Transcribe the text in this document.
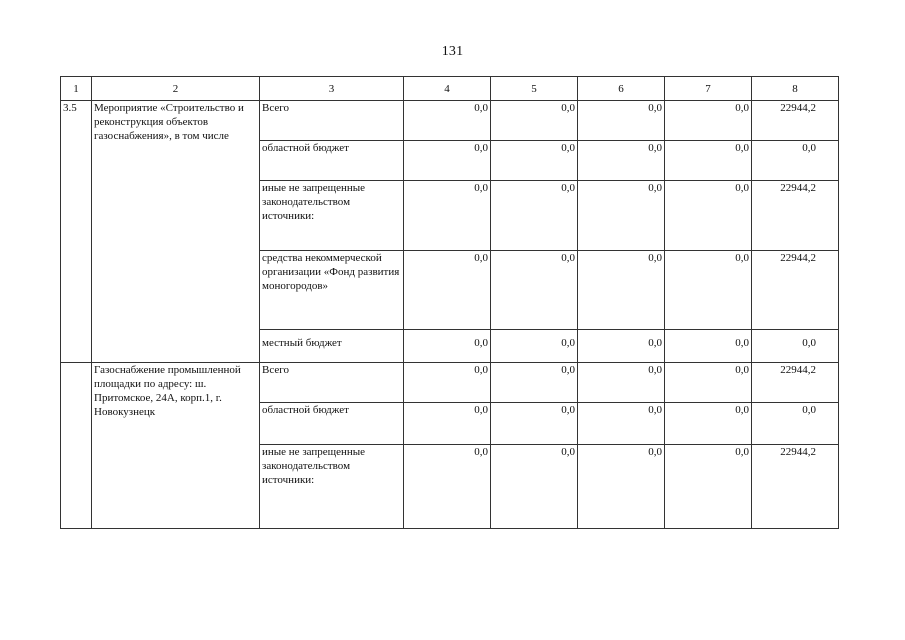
131
1	2	3	4	5	6	7	8
3.5	Мероприятие «Строительство и реконструкция объектов газоснабжения», в том числе	Всего	0,0	0,0	0,0	0,0	22944,2
		областной бюджет	0,0	0,0	0,0	0,0	0,0
		иные не запрещенные законодательством источники:	0,0	0,0	0,0	0,0	22944,2
		средства некоммерческой организации «Фонд развития моногородов»	0,0	0,0	0,0	0,0	22944,2
		местный бюджет	0,0	0,0	0,0	0,0	0,0
	Газоснабжение промышленной площадки по адресу: ш. Притомское, 24А, корп.1, г. Новокузнецк	Всего	0,0	0,0	0,0	0,0	22944,2
		областной бюджет	0,0	0,0	0,0	0,0	0,0
		иные не запрещенные законодательством источники:	0,0	0,0	0,0	0,0	22944,2
